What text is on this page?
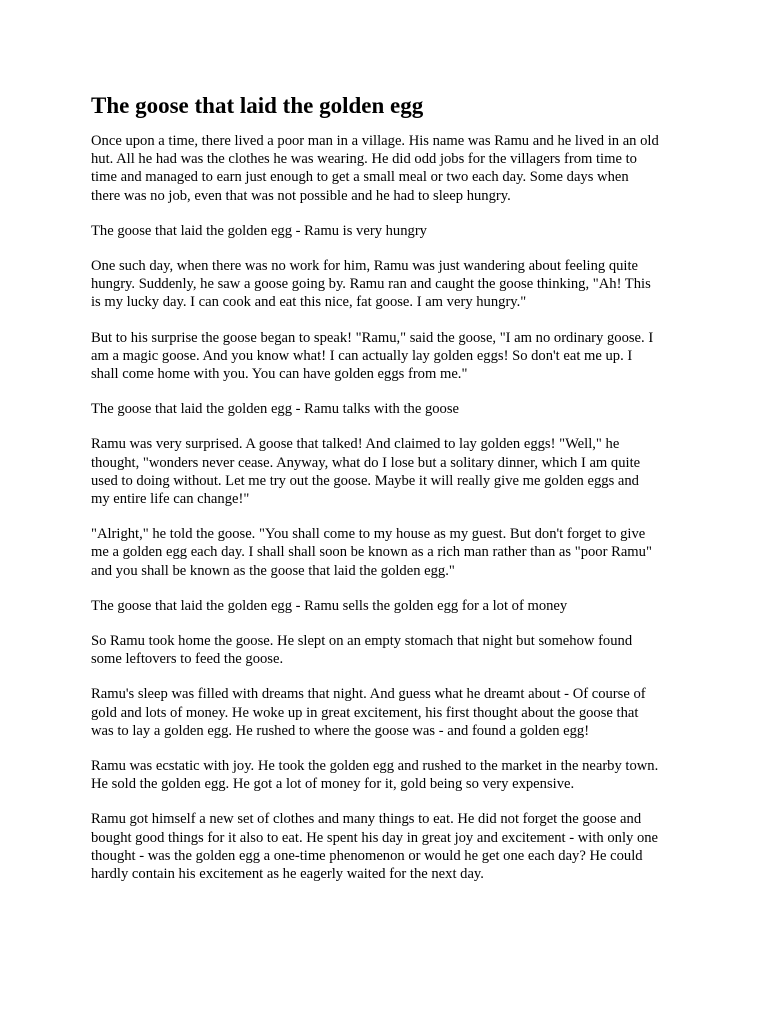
The goose that laid the golden egg

Once upon a time, there lived a poor man in a village. His name was Ramu and he lived in an old
hut. All he had was the clothes he was wearing. He did odd jobs for the villagers from time to
time and managed to earn just enough to get a small meal or two each day. Some days when
there was no job, even that was not possible and he had to sleep hungry.

The goose that laid the golden egg - Ramu is very hungry

One such day, when there was no work for him, Ramu was just wandering about feeling quite
hungry. Suddenly, he saw a goose going by. Ramu ran and caught the goose thinking, "Ah! This
is my lucky day. I can cook and eat this nice, fat goose. I am very hungry."

But to his surprise the goose began to speak! "Ramu," said the goose, "I am no ordinary goose. I
am a magic goose. And you know what! I can actually lay golden eggs! So don't eat me up. I
shall come home with you. You can have golden eggs from me."

The goose that laid the golden egg - Ramu talks with the goose

Ramu was very surprised. A goose that talked! And claimed to lay golden eggs! "Well," he
thought, "wonders never cease. Anyway, what do I lose but a solitary dinner, which I am quite
used to doing without. Let me try out the goose. Maybe it will really give me golden eggs and
my entire life can change!"

"Alright," he told the goose. "You shall come to my house as my guest. But don't forget to give
me a golden egg each day. I shall shall soon be known as a rich man rather than as "poor Ramu"
and you shall be known as the goose that laid the golden egg."

The goose that laid the golden egg - Ramu sells the golden egg for a lot of money

So Ramu took home the goose. He slept on an empty stomach that night but somehow found
some leftovers to feed the goose.

Ramu's sleep was filled with dreams that night. And guess what he dreamt about - Of course of
gold and lots of money. He woke up in great excitement, his first thought about the goose that
was to lay a golden egg. He rushed to where the goose was - and found a golden egg!

Ramu was ecstatic with joy. He took the golden egg and rushed to the market in the nearby town.
He sold the golden egg. He got a lot of money for it, gold being so very expensive.

Ramu got himself a new set of clothes and many things to eat. He did not forget the goose and
bought good things for it also to eat. He spent his day in great joy and excitement - with only one
thought - was the golden egg a one-time phenomenon or would he get one each day? He could
hardly contain his excitement as he eagerly waited for the next day.
